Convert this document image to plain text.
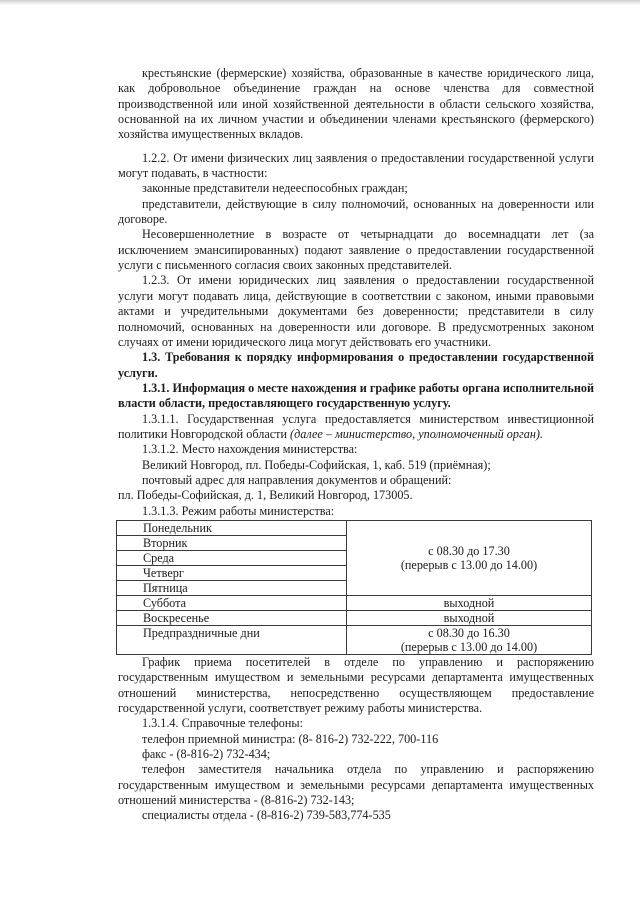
крестьянские (фермерские) хозяйства, образованные в качестве юридического лица, как добровольное объединение граждан на основе членства для совместной производственной или иной хозяйственной деятельности в области сельского хозяйства, основанной на их личном участии и объединении членами крестьянского (фермерского) хозяйства имущественных вкладов.

1.2.2. От имени физических лиц заявления о предоставлении государственной услуги могут подавать, в частности:

законные представители недееспособных граждан;

представители, действующие в силу полномочий, основанных на доверенности или договоре.

Несовершеннолетние в возрасте от четырнадцати до восемнадцати лет (за исключением эмансипированных) подают заявление о предоставлении государственной услуги с письменного согласия своих законных представителей.

1.2.3. От имени юридических лиц заявления о предоставлении государственной услуги могут подавать лица, действующие в соответствии с законом, иными правовыми актами и учредительными документами без доверенности; представители в силу полномочий, основанных на доверенности или договоре. В предусмотренных законом случаях от имени юридического лица могут действовать его участники.

1.3. Требования к порядку информирования о предоставлении государственной услуги.

1.3.1. Информация о месте нахождения и графике работы органа исполнительной власти области, предоставляющего государственную услугу.

1.3.1.1. Государственная услуга предоставляется министерством инвестиционной политики Новгородской области (далее – министерство, уполномоченный орган).

1.3.1.2. Место нахождения министерства:

Великий Новгород, пл. Победы-Софийская, 1, каб. 519 (приёмная);

почтовый адрес для направления документов и обращений:

пл. Победы-Софийская, д. 1, Великий Новгород, 173005.

1.3.1.3. Режим работы министерства:

Понедельник	с 08.30 до 17.30
(перерыв с 13.00 до 14.00)

Вторник	
Среда	
Четверг	
Пятница	
Суббота	выходной
Воскресенье	выходной
Предпраздничные дни	с 08.30 до 16.30
(перерыв с 13.00 до 14.00)

График приема посетителей в отделе по управлению и распоряжению государственным имуществом и земельными ресурсами департамента имущественных отношений министерства, непосредственно осуществляющем предоставление государственной услуги, соответствует режиму работы министерства.

1.3.1.4. Справочные телефоны:

телефон приемной министра: (8- 816-2) 732-222, 700-116

факс - (8-816-2) 732-434;

телефон заместителя начальника отдела по управлению и распоряжению государственным имуществом и земельными ресурсами департамента имущественных отношений министерства - (8-816-2) 732-143;

специалисты отдела - (8-816-2) 739-583,774-535
